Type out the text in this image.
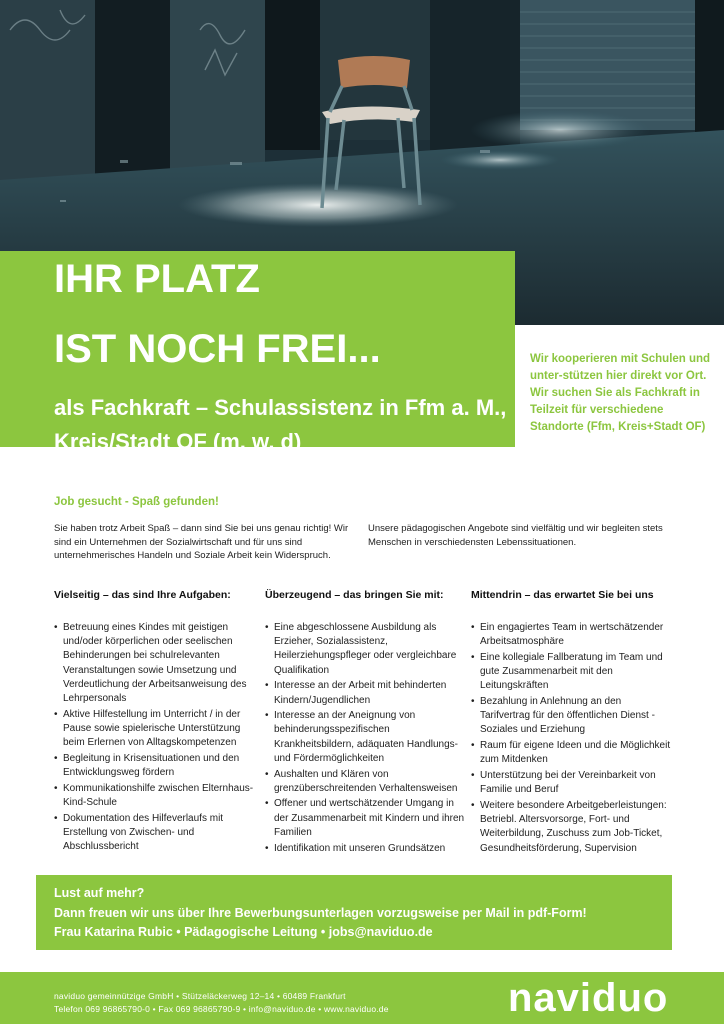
IHR PLATZ
IST NOCH FREI...

als Fachkraft – Schulassistenz in Ffm a. M., Kreis/Stadt OF (m, w, d)

Wir kooperieren mit Schulen und unter-stützen hier direkt vor Ort. Wir suchen Sie als Fachkraft in Teilzeit für verschiedene Standorte (Ffm, Kreis+Stadt OF)
Job gesucht - Spaß gefunden!
Sie haben trotz Arbeit Spaß – dann sind Sie bei uns genau richtig! Wir sind ein Unternehmen der Sozialwirtschaft und für uns sind unternehmerisches Handeln und Soziale Arbeit kein Widerspruch.
Unsere pädagogischen Angebote sind vielfältig und wir begleiten stets Menschen in verschiedensten Lebenssituationen.

Vielseitig – das sind Ihre Aufgaben:

• Betreuung eines Kindes mit geistigen und/oder körperlichen oder seelischen Behinderungen bei schulrelevanten Veranstaltungen sowie Umsetzung und Verdeutlichung der Arbeitsanweisung des Lehrpersonals
• Aktive Hilfestellung im Unterricht / in der Pause sowie spielerische Unterstützung beim Erlernen von Alltagskompetenzen
• Begleitung in Krisensituationen und den Entwicklungsweg fördern
• Kommunikationshilfe zwischen Elternhaus-Kind-Schule
• Dokumentation des Hilfeverlaufs mit Erstellung von Zwischen- und Abschlussbericht

Überzeugend – das bringen Sie mit:

• Eine abgeschlossene Ausbildung als Erzieher, Sozialassistenz, Heilerziehungspfleger oder vergleichbare Qualifikation
• Interesse an der Arbeit mit behinderten Kindern/Jugendlichen
• Interesse an der Aneignung von behinderungsspezifischen Krankheitsbildern, adäquaten Handlungs- und Fördermöglichkeiten
• Aushalten und Klären von grenzüberschreitenden Verhaltensweisen
• Offener und wertschätzender Umgang in der Zusammenarbeit mit Kindern und ihren Familien
• Identifikation mit unseren Grundsätzen

Mittendrin – das erwartet Sie bei uns

• Ein engagiertes Team in wertschätzender Arbeitsatmosphäre
• Eine kollegiale Fallberatung im Team und gute Zusammenarbeit mit den Leitungskräften
• Bezahlung in Anlehnung an den Tarifvertrag für den öffentlichen Dienst - Soziales und Erziehung
• Raum für eigene Ideen und die Möglichkeit zum Mitdenken
• Unterstützung bei der Vereinbarkeit von Familie und Beruf
• Weitere besondere Arbeitgeberleistungen: Betriebl. Altersvorsorge, Fort- und Weiterbildung, Zuschuss zum Job-Ticket, Gesundheitsförderung, Supervision
Lust auf mehr?
Dann freuen wir uns über Ihre Bewerbungsunterlagen vorzugsweise per Mail in pdf-Form!
Frau Katarina Rubic • Pädagogische Leitung • jobs@naviduo.de
naviduo gemeinnützige GmbH • Stützeläckerweg 12–14 • 60489 Frankfurt
Telefon 069 96865790-0 • Fax 069 96865790-9 • info@naviduo.de • www.naviduo.de	naviduo
